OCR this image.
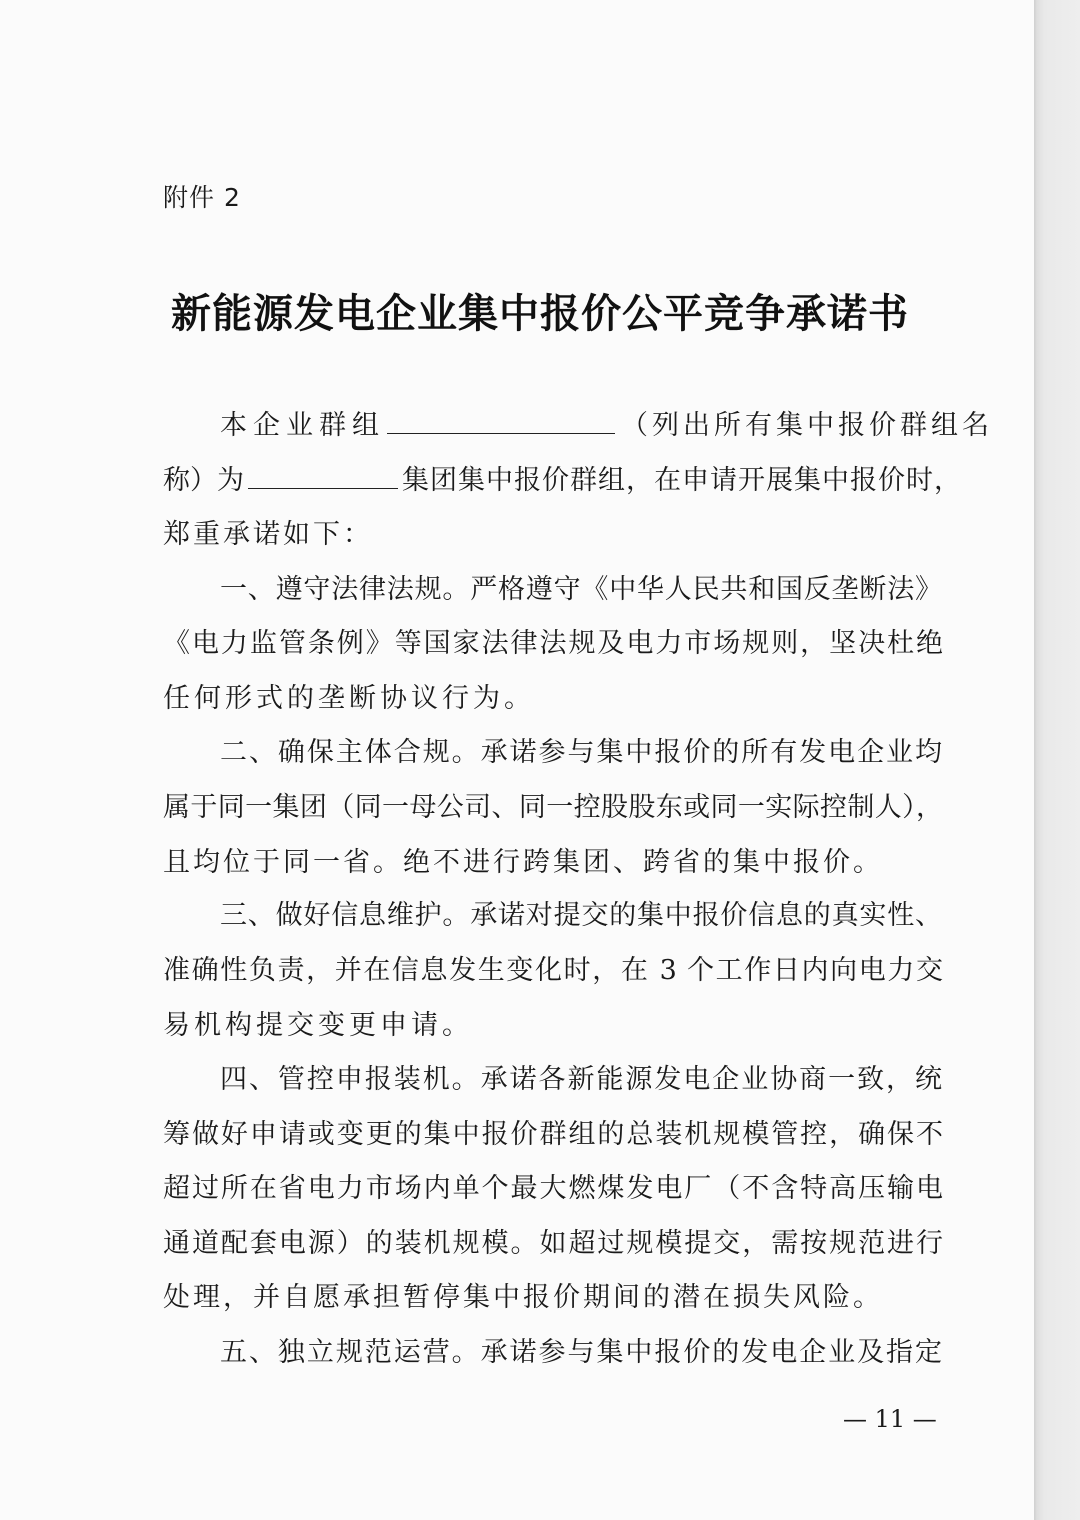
附件 2
新能源发电企业集中报价公平竞争承诺书
本企业群组	（列出所有集中报价群组名
称）为	集团集中报价群组，在申请开展集中报价时，
郑重承诺如下：
一、遵守法律法规。严格遵守《中华人民共和国反垄断法》
《电力监管条例》等国家法律法规及电力市场规则，坚决杜绝
任何形式的垄断协议行为。
二、确保主体合规。承诺参与集中报价的所有发电企业均
属于同一集团（同一母公司、同一控股股东或同一实际控制人），
且均位于同一省。绝不进行跨集团、跨省的集中报价。
三、做好信息维护。承诺对提交的集中报价信息的真实性、
准确性负责，并在信息发生变化时，在 3 个工作日内向电力交
易机构提交变更申请。
四、管控申报装机。承诺各新能源发电企业协商一致，统
筹做好申请或变更的集中报价群组的总装机规模管控，确保不
超过所在省电力市场内单个最大燃煤发电厂（不含特高压输电
通道配套电源）的装机规模。如超过规模提交，需按规范进行
处理，并自愿承担暂停集中报价期间的潜在损失风险。
五、独立规范运营。承诺参与集中报价的发电企业及指定
— 11 —
